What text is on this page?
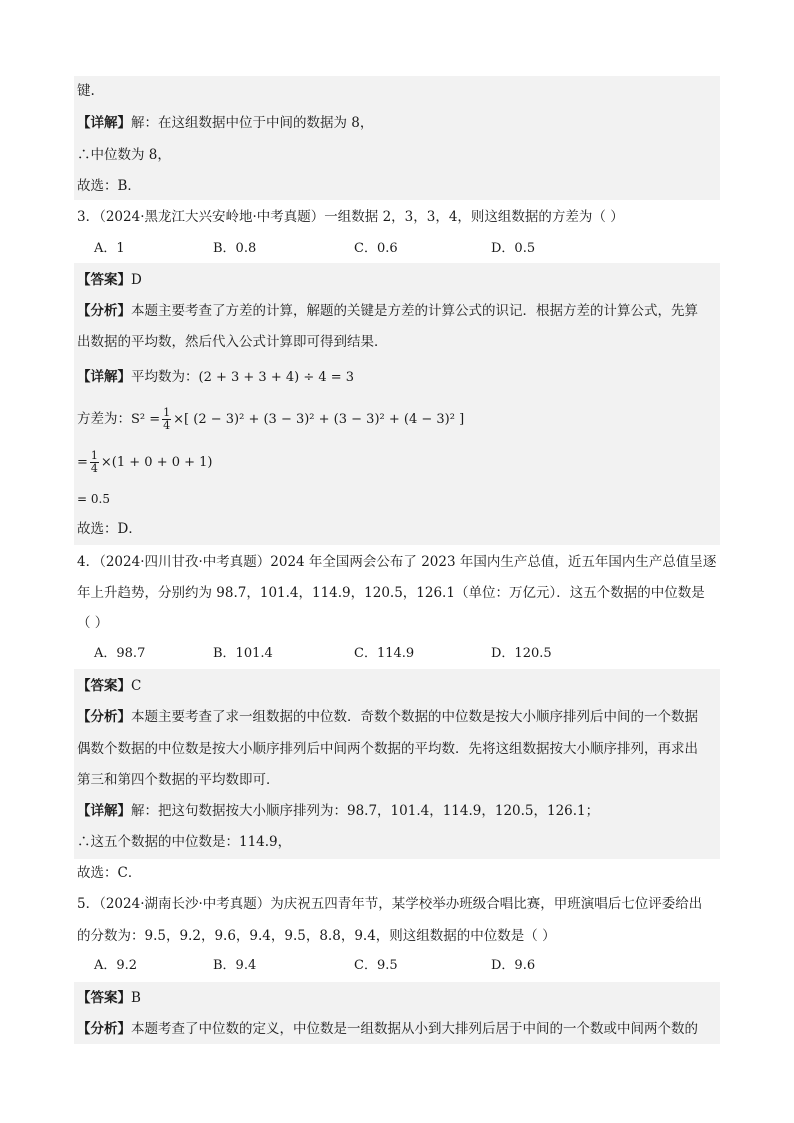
键.
【详解】解：在这组数据中位于中间的数据为 8，
∴中位数为 8，
故选：B．
3．（2024·黑龙江大兴安岭地·中考真题）一组数据 2，3，3，4，则这组数据的方差为（ ）
A．1	B．0.8	C．0.6	D．0.5
【答案】D
【分析】本题主要考查了方差的计算，解题的关键是方差的计算公式的识记．根据方差的计算公式，先算
出数据的平均数，然后代入公式计算即可得到结果．
【详解】平均数为：(2 + 3 + 3 + 4) ÷ 4 = 3
方差为：$S^2 = \frac{1}{4}$ ×[ (2 − 3)² + (3 − 3)² + (3 − 3)² + (4 − 3)² ]
= $\frac{1}{4} \times(1 + 0 + 0 + 1)$
= 0.5
故选：D．
4．（2024·四川甘孜·中考真题）2024 年全国两会公布了 2023 年国内生产总值，近五年国内生产总值呈逐
年上升趋势，分别约为 98.7，101.4，114.9，120.5，126.1（单位：万亿元）．这五个数据的中位数是
（ ）
A．98.7	B．101.4	C．114.9	D．120.5
【答案】C
【分析】本题主要考查了求一组数据的中位数．奇数个数据的中位数是按大小顺序排列后中间的一个数据
偶数个数据的中位数是按大小顺序排列后中间两个数据的平均数．先将这组数据按大小顺序排列，再求出
第三和第四个数据的平均数即可．
【详解】解：把这句数据按大小顺序排列为：98.7，101.4，114.9，120.5，126.1；
∴这五个数据的中位数是：114.9，
故选：C．
5．（2024·湖南长沙·中考真题）为庆祝五四青年节，某学校举办班级合唱比赛，甲班演唱后七位评委给出
的分数为：9.5，9.2，9.6，9.4，9.5，8.8，9.4，则这组数据的中位数是（ ）
A．9.2	B．9.4	C．9.5	D．9.6
【答案】B
【分析】本题考查了中位数的定义，中位数是一组数据从小到大排列后居于中间的一个数或中间两个数的
